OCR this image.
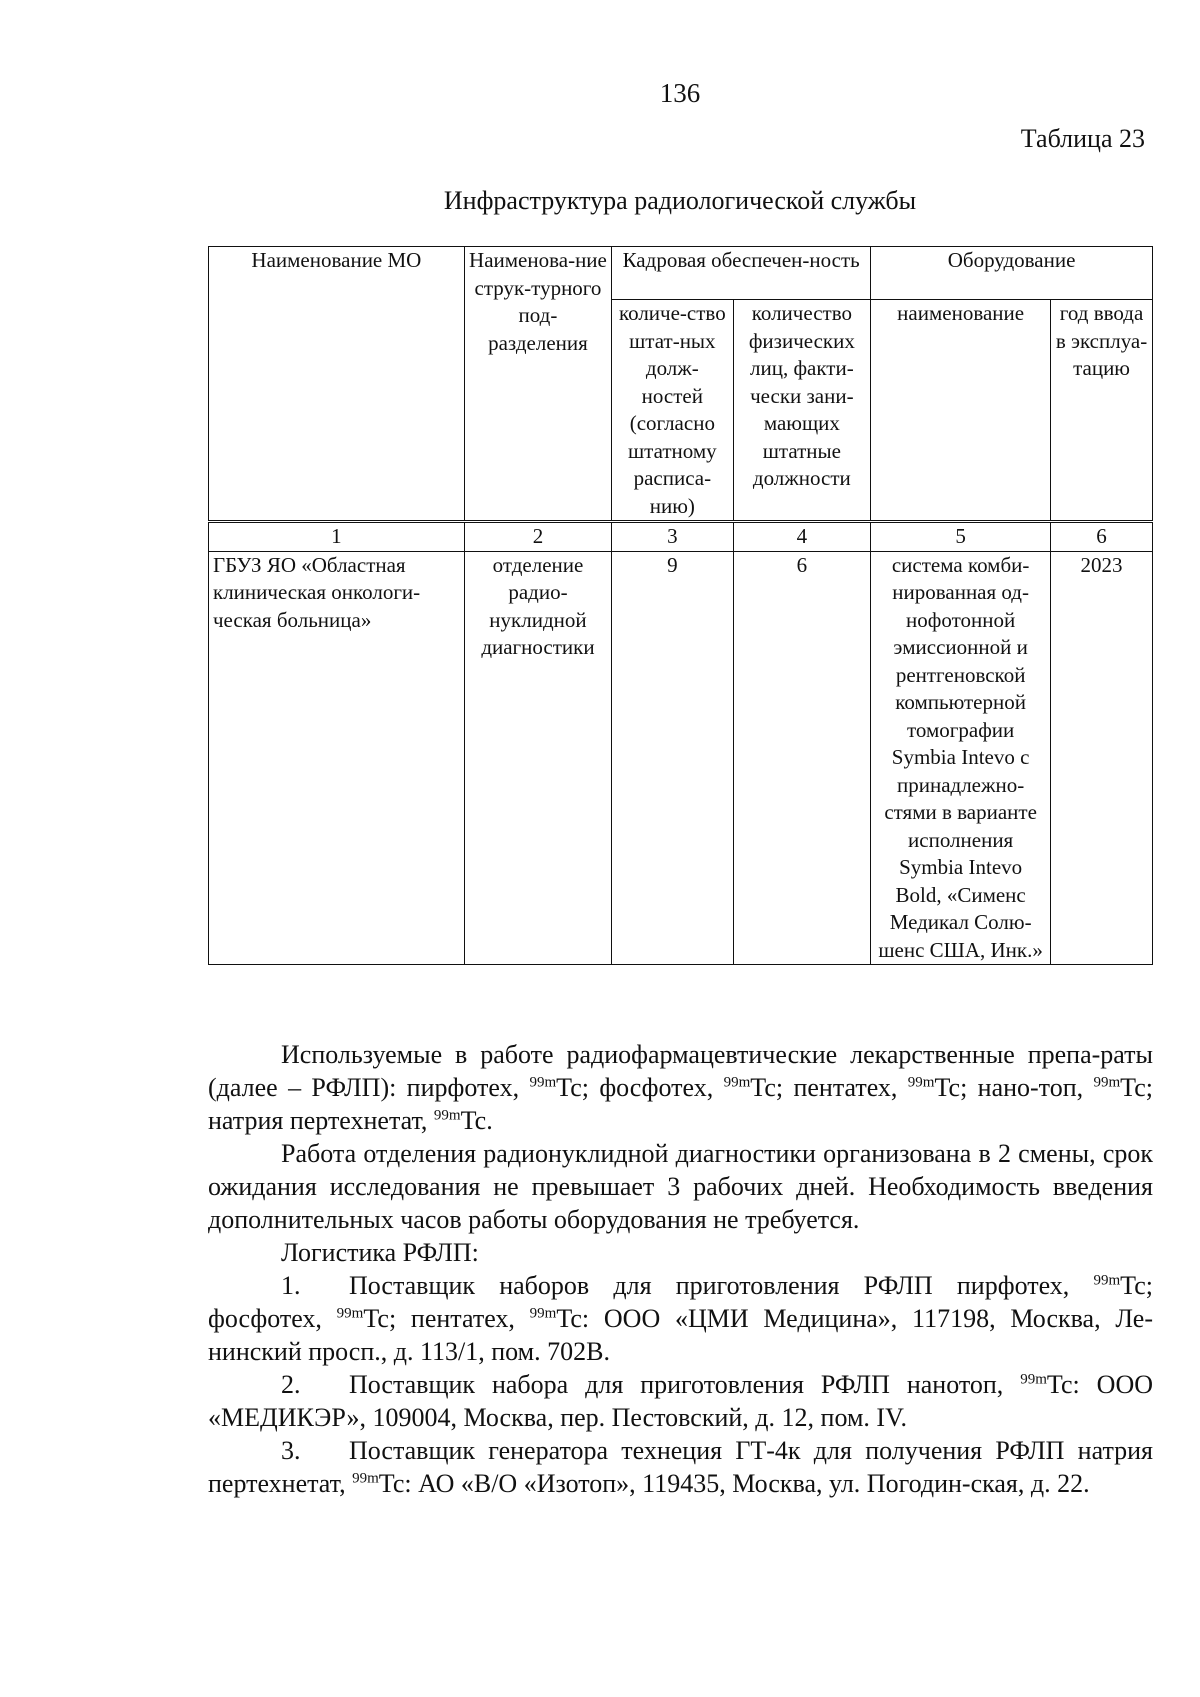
136
Таблица 23
Инфраструктура радиологической службы
Наименование МО	Наименова-ние струк-турного под-разделения	Кадровая обеспечен-ность		Оборудование	
		количе-ство штат-ных долж-ностей (согласно штатному расписа-нию)	количество физических лиц, факти-чески зани-мающих штатные должности	наименование	год ввода в эксплуа-тацию
1	2	3	4	5	6
ГБУЗ ЯО «Областная клиническая онкологи-ческая больница»	отделение радио-нуклидной диагностики	9	6	система комби-нированная од-нофотонной эмиссионной и рентгеновской компьютерной томографии Symbia Intevo с принадлежно-стями в варианте исполнения Symbia Intevo Bold, «Сименс Медикал Солю-шенс США, Инк.»	2023

Используемые в работе радиофармацевтические лекарственные препа-раты (далее – РФЛП): пирфотех, $^{99m}$Tc; фосфотех, $^{99m}$Tc; пентатех, $^{99m}$Tc; нано-топ, $^{99m}$Tc; натрия пертехнетат, $^{99m}$Tc.

Работа отделения радионуклидной диагностики организована в 2 смены, срок ожидания исследования не превышает 3 рабочих дней. Необходимость введения дополнительных часов работы оборудования не требуется.

Логистика РФЛП:

1. Поставщик наборов для приготовления РФЛП пирфотех, $^{99m}$Tc; фосфотех, $^{99m}$Tc; пентатех, $^{99m}$Tc: ООО «ЦМИ Медицина», 117198, Москва, Ле-нинский просп., д. 113/1, пом. 702B.

2. Поставщик набора для приготовления РФЛП нанотоп, $^{99m}$Tc: ООО «МЕДИКЭР», 109004, Москва, пер. Пестовский, д. 12, пом. IV.

3. Поставщик генератора технеция ГТ-4к для получения РФЛП натрия пертехнетат, $^{99m}$Tc: АО «В/О «Изотоп», 119435, Москва, ул. Погодин-ская, д. 22.
